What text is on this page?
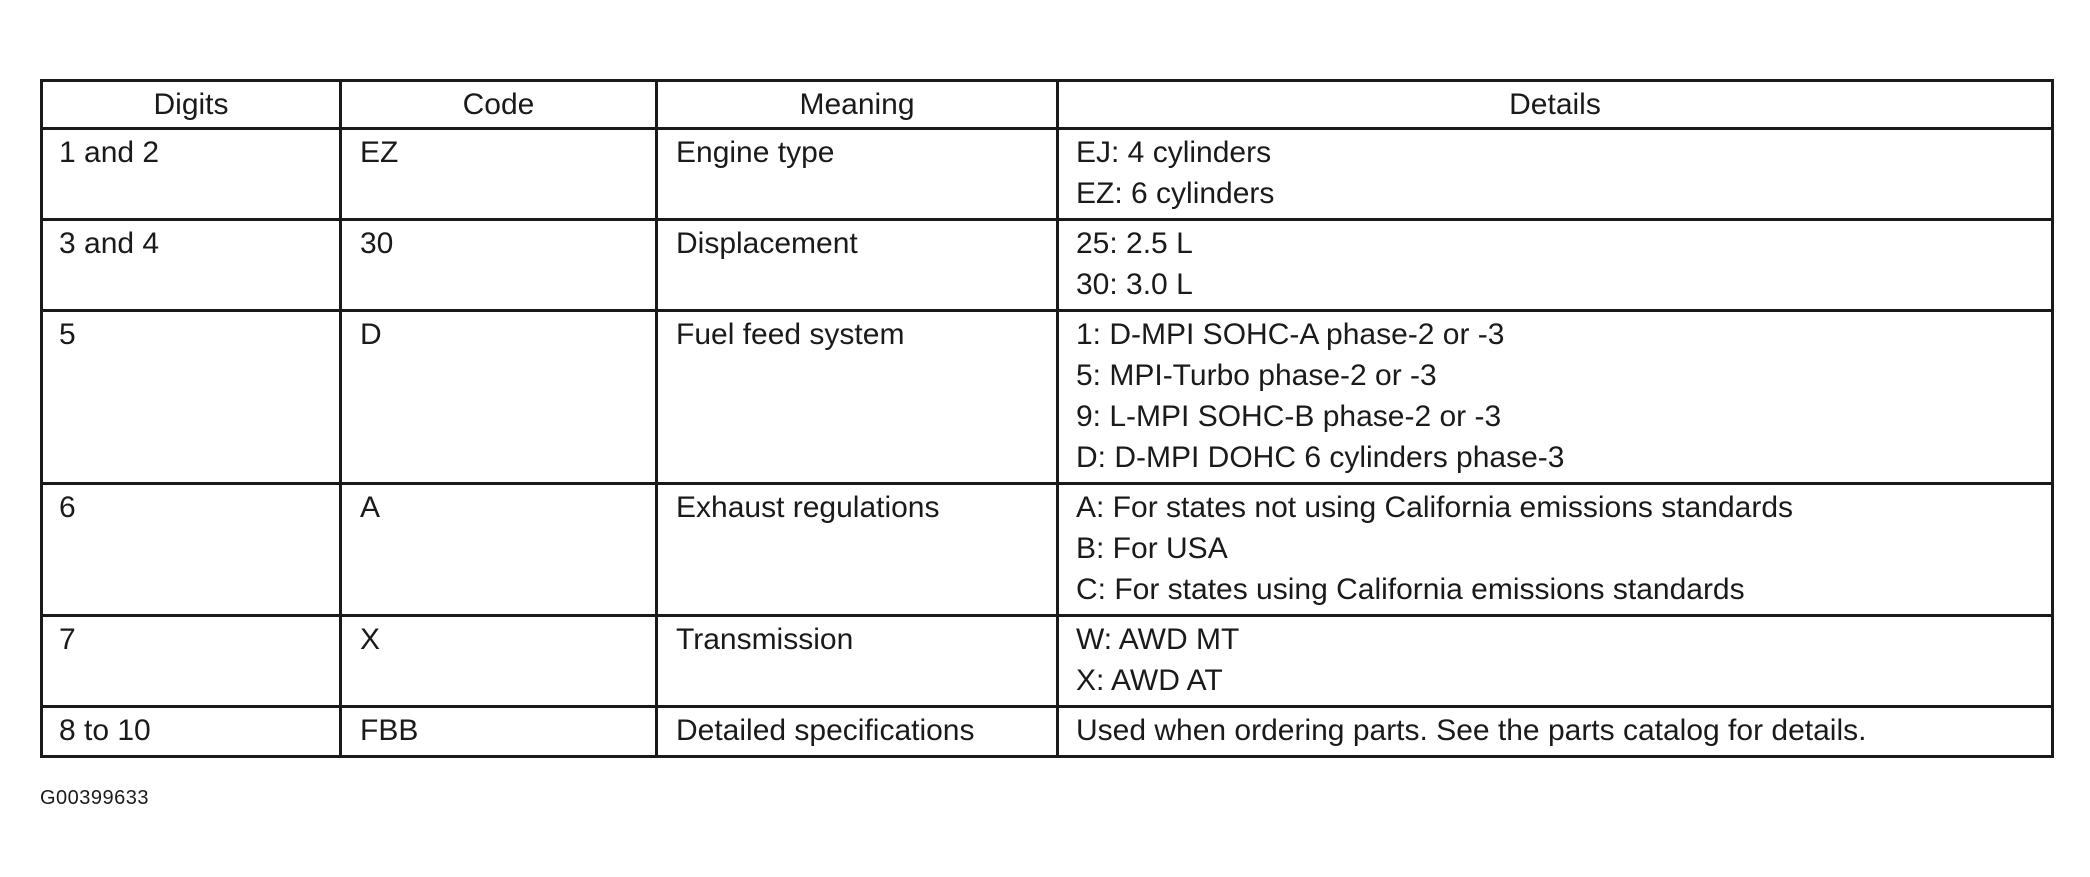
Digits	Code	Meaning	Details
1 and 2	EZ	Engine type	EJ: 4 cylinders
EZ: 6 cylinders

3 and 4	30	Displacement	25: 2.5 L
30: 3.0 L

5	D	Fuel feed system	1: D-MPI SOHC-A phase-2 or -3
5: MPI-Turbo phase-2 or -3
9: L-MPI SOHC-B phase-2 or -3
D: D-MPI DOHC 6 cylinders phase-3

6	A	Exhaust regulations	A: For states not using California emissions standards
B: For USA
C: For states using California emissions standards

7	X	Transmission	W: AWD MT
X: AWD AT

8 to 10	FBB	Detailed specifications	Used when ordering parts. See the parts catalog for details.
G00399633
